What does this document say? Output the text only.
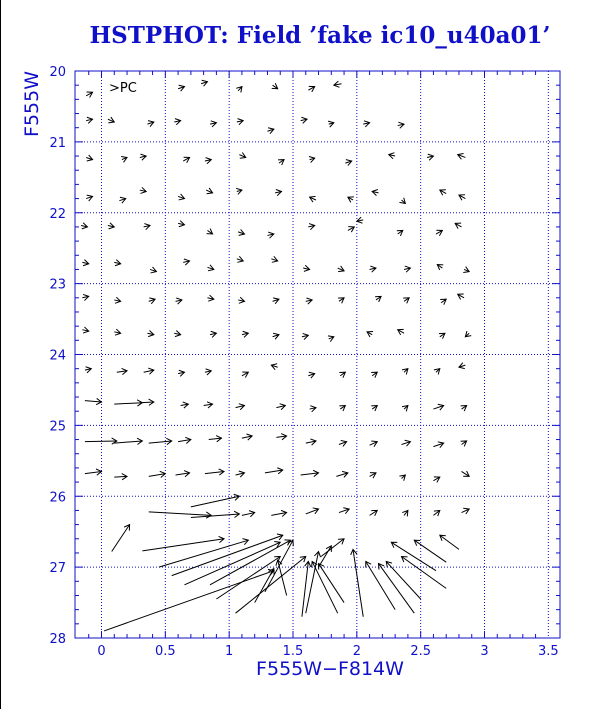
HSTPHOT: Field ’fake ic10_u40a01’
0	0.5	1	1.5	2	2.5	3	3.5
20
21
22
23
24
25
26
27
28
>PC
F555W−F814W
F555W
